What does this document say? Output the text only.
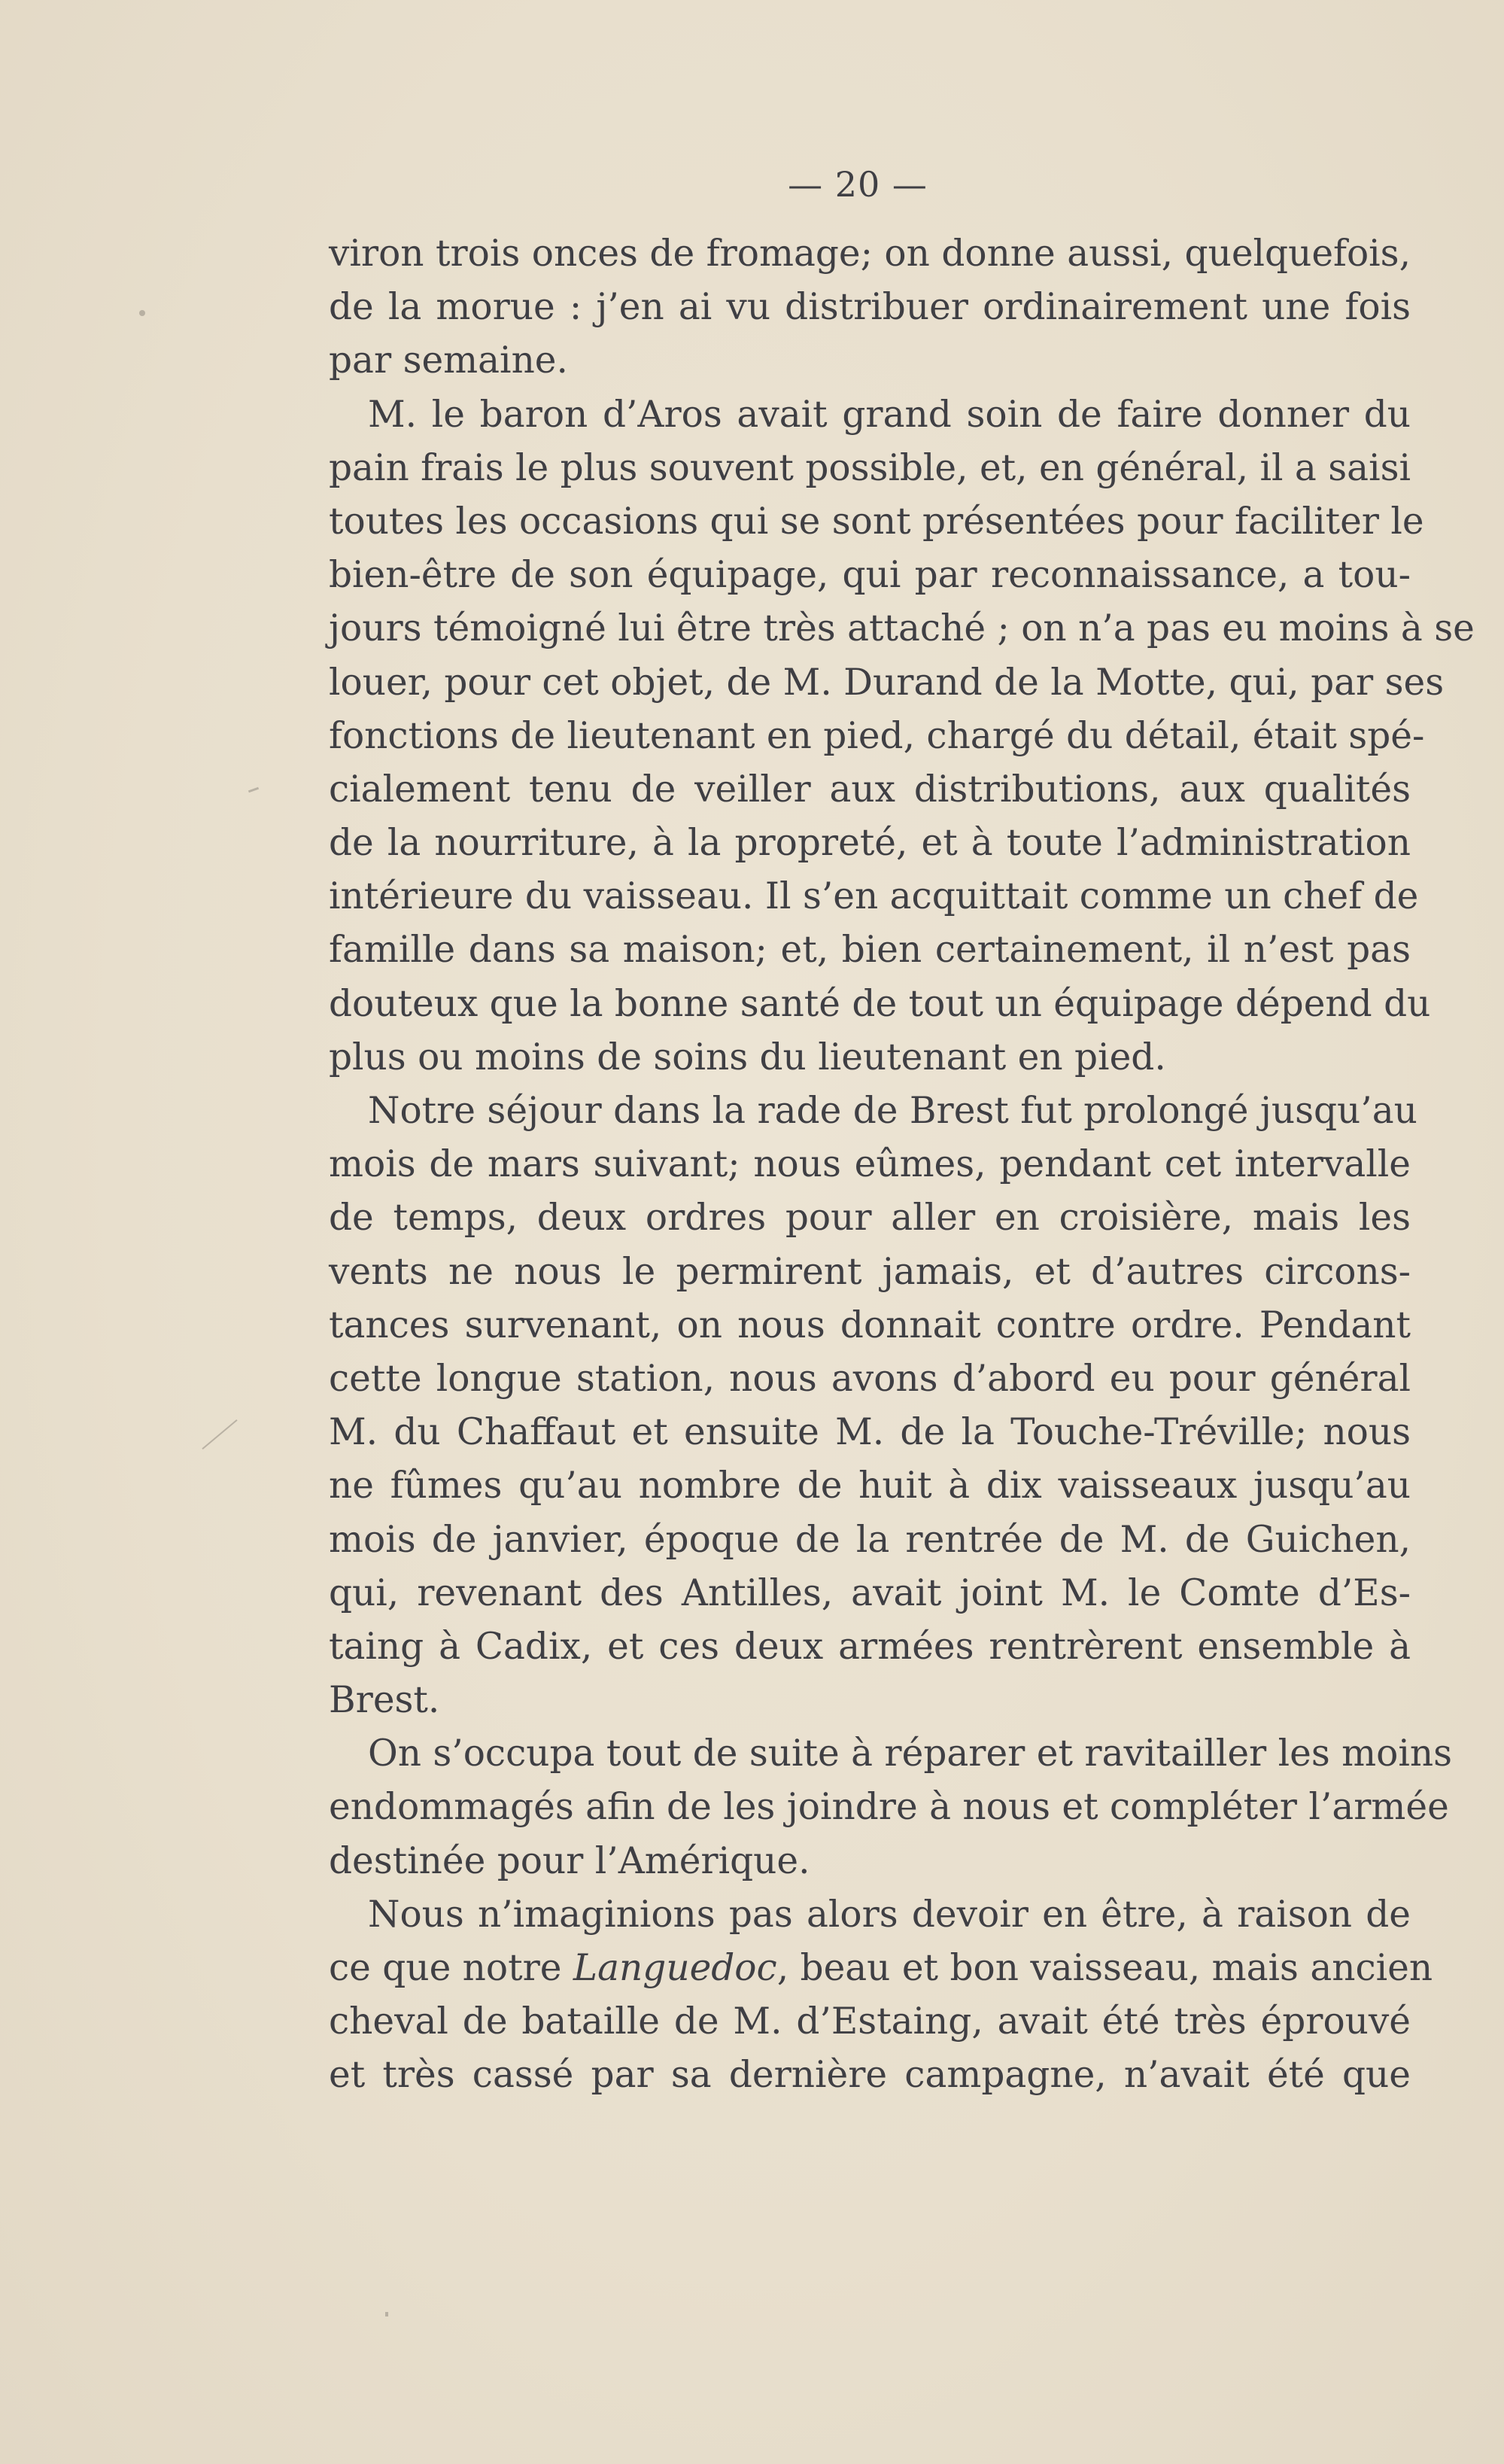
— 20 —
viron trois onces de fromage; on donne aussi, quelquefois,
de la morue : j’en ai vu distribuer ordinairement une fois
par semaine.
M. le baron d’Aros avait grand soin de faire donner du
pain frais le plus souvent possible, et, en général, il a saisi
toutes les occasions qui se sont présentées pour faciliter le
bien-être de son équipage, qui par reconnaissance, a tou-
jours témoigné lui être très attaché ; on n’a pas eu moins à se
louer, pour cet objet, de M. Durand de la Motte, qui, par ses
fonctions de lieutenant en pied, chargé du détail, était spé-
cialement tenu de veiller aux distributions, aux qualités
de la nourriture, à la propreté, et à toute l’administration
intérieure du vaisseau. Il s’en acquittait comme un chef de
famille dans sa maison; et, bien certainement, il n’est pas
douteux que la bonne santé de tout un équipage dépend du
plus ou moins de soins du lieutenant en pied.
Notre séjour dans la rade de Brest fut prolongé jusqu’au
mois de mars suivant; nous eûmes, pendant cet intervalle
de temps, deux ordres pour aller en croisière, mais les
vents ne nous le permirent jamais, et d’autres circons-
tances survenant, on nous donnait contre ordre. Pendant
cette longue station, nous avons d’abord eu pour général
M. du Chaffaut et ensuite M. de la Touche-Tréville; nous
ne fûmes qu’au nombre de huit à dix vaisseaux jusqu’au
mois de janvier, époque de la rentrée de M. de Guichen,
qui, revenant des Antilles, avait joint M. le Comte d’Es-
taing à Cadix, et ces deux armées rentrèrent ensemble à
Brest.
On s’occupa tout de suite à réparer et ravitailler les moins
endommagés afin de les joindre à nous et compléter l’armée
destinée pour l’Amérique.
Nous n’imaginions pas alors devoir en être, à raison de
ce que notre Languedoc, beau et bon vaisseau, mais ancien
cheval de bataille de M. d’Estaing, avait été très éprouvé
et très cassé par sa dernière campagne, n’avait été que
